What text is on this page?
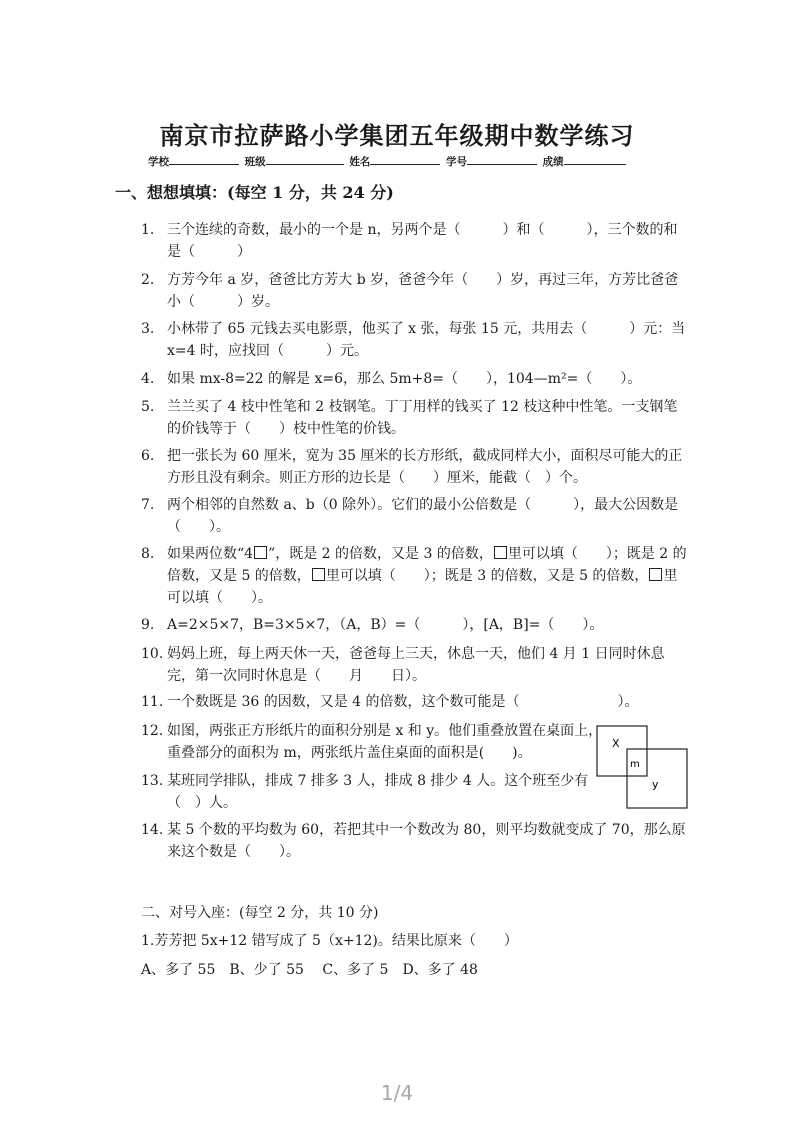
南京市拉萨路小学集团五年级期中数学练习
学校	班级	姓名	学号	成绩
一、想想填填：(每空 1 分，共 24 分)
1. 三个连续的奇数，最小的一个是 n，另两个是（　　　）和（　　　），三个数的和是（　　　）
2. 方芳今年 a 岁，爸爸比方芳大 b 岁，爸爸今年（　　）岁，再过三年，方芳比爸爸小（　　　）岁。
3. 小林带了 65 元钱去买电影票，他买了 x 张，每张 15 元，共用去（　　　）元：当 x=4 时，应找回（　　　）元。
4. 如果 mx-8=22 的解是 x=6，那么 5m+8=（　　），104—m²=（　　）。
5. 兰兰买了 4 枝中性笔和 2 枝钢笔。丁丁用样的钱买了 12 枝这种中性笔。一支钢笔的价钱等于（　　）枝中性笔的价钱。
6. 把一张长为 60 厘米，宽为 35 厘米的长方形纸，截成同样大小，面积尽可能大的正方形且没有剩余。则正方形的边长是（　　）厘米，能截（　）个。
7. 两个相邻的自然数 a、b（0 除外）。它们的最小公倍数是（　　　），最大公因数是（　　）。
8. 如果两位数“4 ”，既是 2 的倍数，又是 3 的倍数， 里可以填（　　）；既是 2 的倍数，又是 5 的倍数， 里可以填（　　）；既是 3 的倍数，又是 5 的倍数， 里可以填（　　）。
9. A=2×5×7，B=3×5×7，（A，B）=（　　　），[A，B]=（　　）。
10. 妈妈上班，每上两天休一天，爸爸每上三天，休息一天，他们 4 月 1 日同时休息完，第一次同时休息是（　　月　　日）。
11. 一个数既是 36 的因数，又是 4 的倍数，这个数可能是（　　　　　　　）。
12. 如图，两张正方形纸片的面积分别是 x 和 y。他们重叠放置在桌面上，重叠部分的面积为 m，两张纸片盖住桌面的面积是(　　)。
13. 某班同学排队，排成 7 排多 3 人，排成 8 排少 4 人。这个班至少有（　）人。
14. 某 5 个数的平均数为 60，若把其中一个数改为 80，则平均数就变成了 70，那么原来这个数是（　　）。
X
m
y
二、对号入座：(每空 2 分，共 10 分)
1.芳芳把 5x+12 错写成了 5（x+12)。结果比原来（　　）
A、多了 55　B、少了 55　 C、多了 5　D、多了 48
1/4
